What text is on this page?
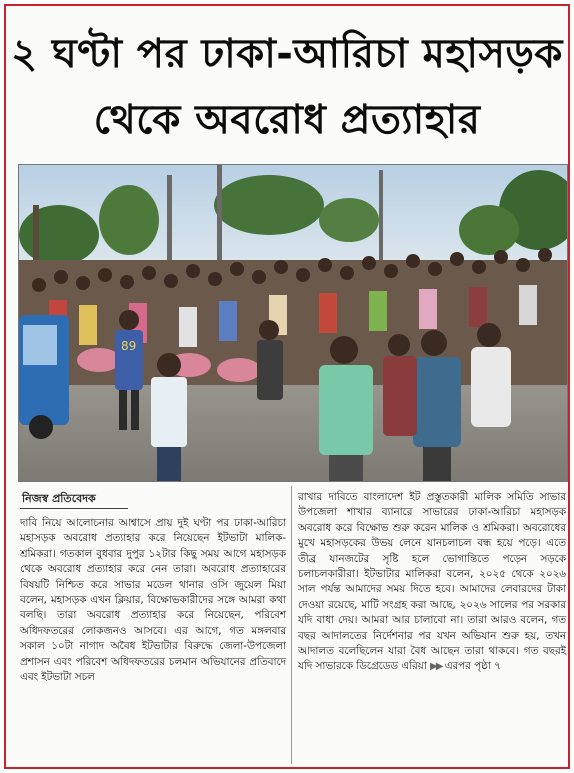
২ ঘণ্টা পর ঢাকা-আরিচা মহাসড়ক
থেকে অবরোধ প্রত্যাহার
89
নিজস্ব প্রতিবেদক
দাবি নিয়ে আলোচনার আশ্বাসে প্রায় দুই ঘণ্টা পর ঢাকা-আরিচা মহাসড়ক অবরোধ প্রত্যাহার করে নিয়েছেন ইটভাটা মালিক-শ্রমিকরা। গতকাল বুধবার দুপুর ১২টার কিছু সময় আগে মহাসড়ক থেকে অবরোধ প্রত্যাহার করে নেন তারা। অবরোধ প্রত্যাহারের বিষয়টি নিশ্চিত করে সাভার মডেল থানার ওসি জুয়েল মিয়া বলেন, মহাসড়ক এখন ক্লিয়ার, বিক্ষোভকারীদের সঙ্গে আমরা কথা বলছি। তারা অবরোধ প্রত্যাহার করে নিয়েছেন, পরিবেশ অধিদফতরের লোকজনও আসবে। এর আগে, গত মঙ্গলবার সকাল ১০টা নাগাদ অবৈধ ইটভাটার বিরুদ্ধে জেলা-উপজেলা প্রশাসন এবং পরিবেশ অধিদফতরের চলমান অভিযানের প্রতিবাদে এবং ইটভাটা সচল
রাখার দাবিতে বাংলাদেশ ইট প্রস্তুতকারী মালিক সমিতি সাভার উপজেলা শাখার ব্যানারে সাভারের ঢাকা-আরিচা মহাসড়ক অবরোধ করে বিক্ষোভ শুরু করেন মালিক ও শ্রমিকরা। অবরোধের মুখে মহাসড়কের উভয় লেনে যানচলাচল বন্ধ হয়ে পড়ে। এতে তীব্র যানজটের সৃষ্টি হলে ভোগান্তিতে পড়েন সড়কে চলাচলকারীরা। ইটভাটার মালিকরা বলেন, ২০২৫ থেকে ২০২৬ সাল পর্যন্ত আমাদের সময় দিতে হবে। আমাদের লেবারদের টাকা দেওয়া রয়েছে, মাটি সংগ্রহ করা আছে, ২০২৬ সালের পর সরকার যদি বাধা দেয়। আমরা আর চালাবো না। তারা আরও বলেন, গত বছর আদালতের নির্দেশনার পর যখন অভিযান শুরু হয়, তখন আদালত বলেছিলেন যারা বৈধ আছেন তারা থাকবে। গত বছরই যদি সাভারকে ডিগ্রেডেড এরিয়া ▶▶ এরপর পৃষ্ঠা ৭
